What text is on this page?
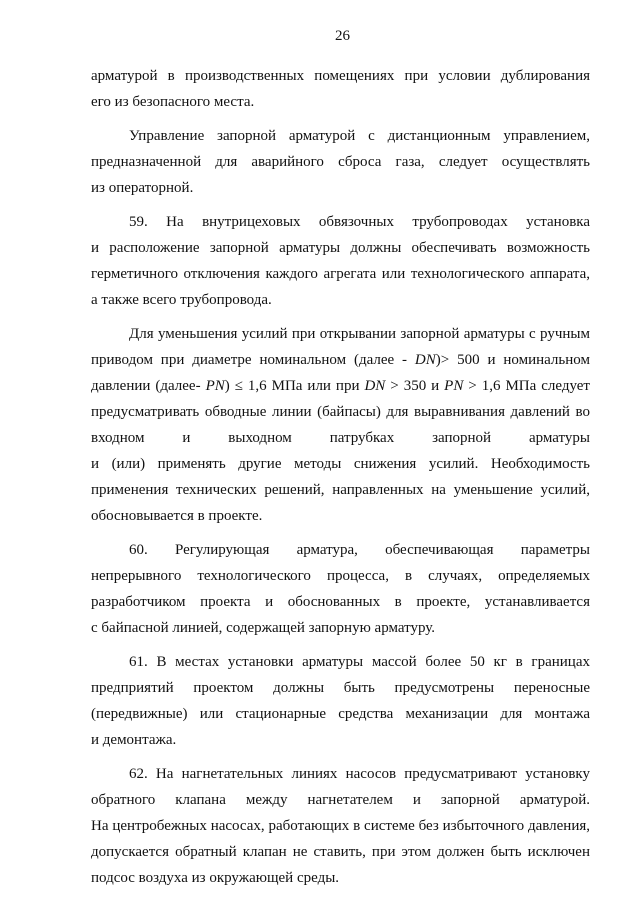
26
арматурой в производственных помещениях при условии дублирования
его из безопасного места.
Управление запорной арматурой с дистанционным управлением,
предназначенной для аварийного сброса газа, следует осуществлять
из операторной.
59. На внутрицеховых обвязочных трубопроводах установка
и расположение запорной арматуры должны обеспечивать возможность
герметичного отключения каждого агрегата или технологического аппарата,
а также всего трубопровода.
Для уменьшения усилий при открывании запорной арматуры с ручным
приводом при диаметре номинальном (далее - DN)> 500 и номинальном
давлении (далее- PN) ≤ 1,6 МПа или при DN > 350 и PN > 1,6 МПа следует
предусматривать обводные линии (байпасы) для выравнивания давлений во
входном и выходном патрубках запорной арматуры
и (или) применять другие методы снижения усилий. Необходимость
применения технических решений, направленных на уменьшение усилий,
обосновывается в проекте.
60. Регулирующая арматура, обеспечивающая параметры
непрерывного технологического процесса, в случаях, определяемых
разработчиком проекта и обоснованных в проекте, устанавливается
с байпасной линией, содержащей запорную арматуру.
61. В местах установки арматуры массой более 50 кг в границах
предприятий проектом должны быть предусмотрены переносные
(передвижные) или стационарные средства механизации для монтажа
и демонтажа.
62. На нагнетательных линиях насосов предусматривают установку
обратного клапана между нагнетателем и запорной арматурой.
На центробежных насосах, работающих в системе без избыточного давления,
допускается обратный клапан не ставить, при этом должен быть исключен
подсос воздуха из окружающей среды.
